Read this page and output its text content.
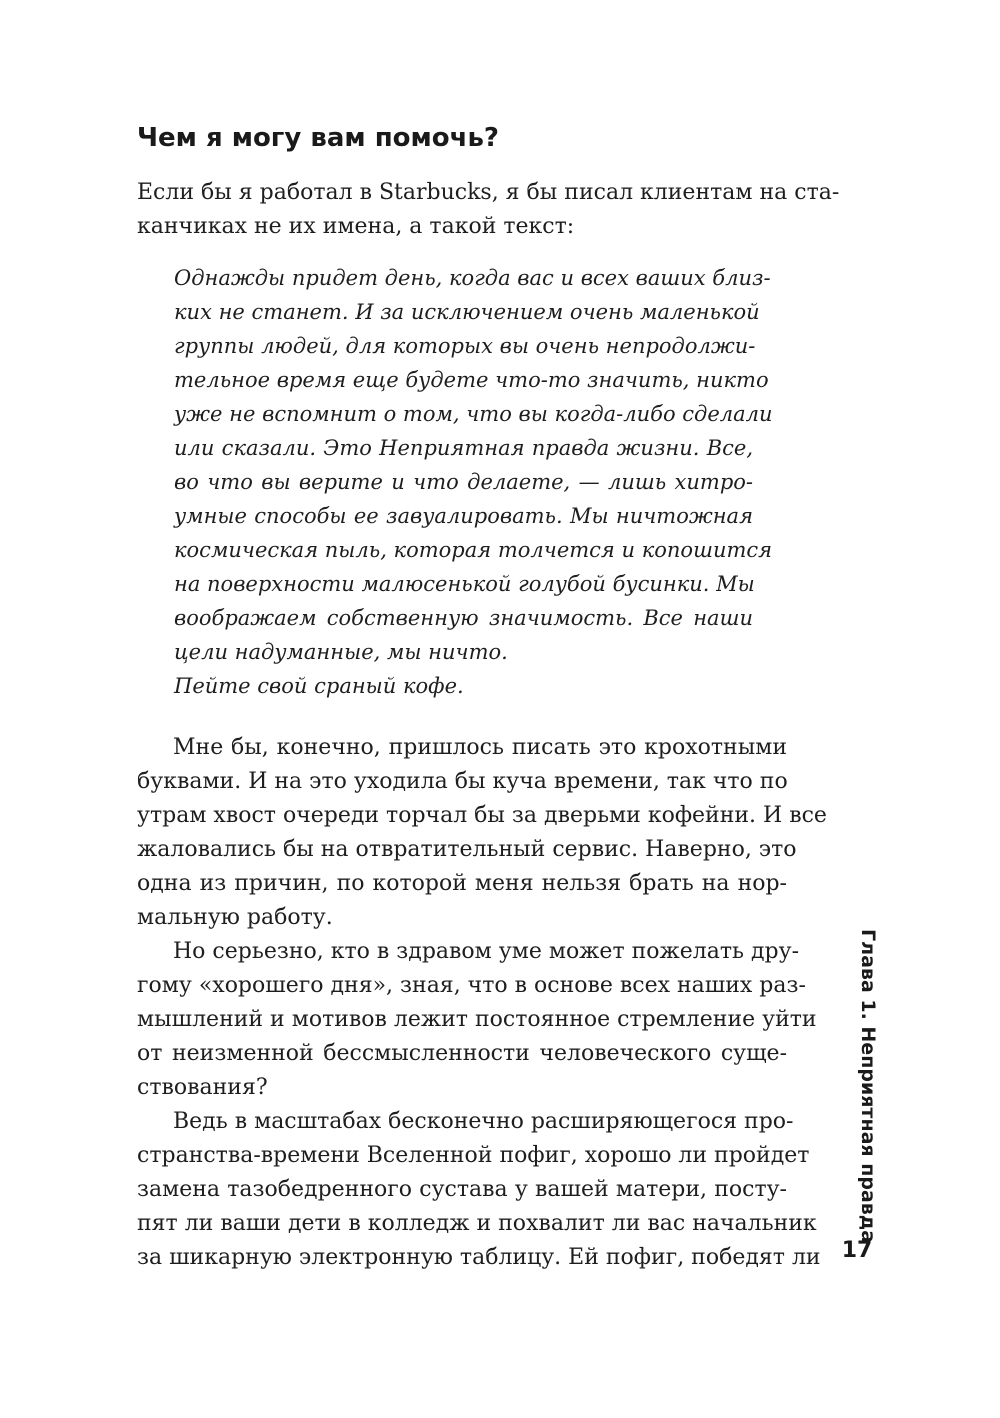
Чем я могу вам помочь?
Если бы я работал в Starbucks, я бы писал клиентам на ста-
канчиках не их имена, а такой текст:
Однажды придет день, когда вас и всех ваших близ-
ких не станет. И за исключением очень маленькой
группы людей, для которых вы очень непродолжи-
тельное время еще будете что-то значить, никто
уже не вспомнит о том, что вы когда-либо сделали
или сказали. Это Неприятная правда жизни. Все,
во что вы верите и что делаете, — лишь хитро-
умные способы ее завуалировать. Мы ничтожная
космическая пыль, которая толчется и копошится
на поверхности малюсенькой голубой бусинки. Мы
воображаем собственную значимость. Все наши
цели надуманные, мы ничто.
Пейте свой сраный кофе.
Мне бы, конечно, пришлось писать это крохотными
буквами. И на это уходила бы куча времени, так что по
утрам хвост очереди торчал бы за дверьми кофейни. И все
жаловались бы на отвратительный сервис. Наверно, это
одна из причин, по которой меня нельзя брать на нор-
мальную работу.
Но серьезно, кто в здравом уме может пожелать дру-
гому «хорошего дня», зная, что в основе всех наших раз-
мышлений и мотивов лежит постоянное стремление уйти
от неизменной бессмысленности человеческого суще-
ствования?
Ведь в масштабах бесконечно расширяющегося про-
странства-времени Вселенной пофиг, хорошо ли пройдет
замена тазобедренного сустава у вашей матери, посту-
пят ли ваши дети в колледж и похвалит ли вас начальник
за шикарную электронную таблицу. Ей пофиг, победят ли
Глава 1. Неприятная правда
17
